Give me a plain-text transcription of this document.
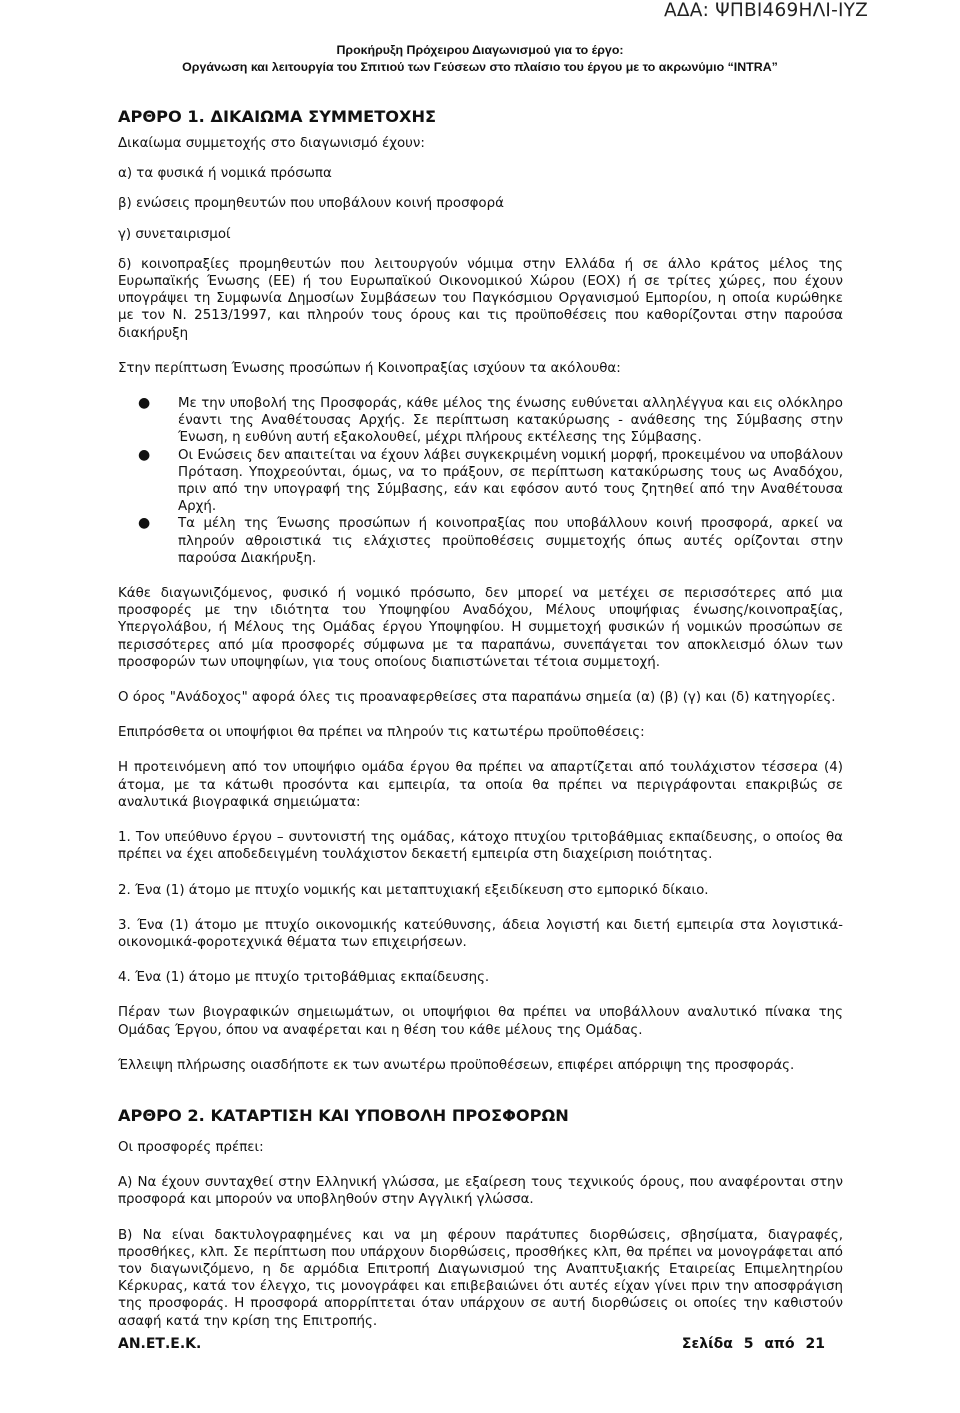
ΑΔΑ: ΨΠΒΙ469ΗΛΙ-ΙΥΖ
Προκήρυξη Πρόχειρου Διαγωνισμού για το έργο:
Οργάνωση και λειτουργία του Σπιτιού των Γεύσεων στο πλαίσιο του έργου με το ακρωνύμιο “INTRA”

ΑΡΘΡΟ 1. ΔΙΚΑΙΩΜΑ ΣΥΜΜΕΤΟΧΗΣ

Δικαίωμα συμμετοχής στο διαγωνισμό έχουν:

α) τα φυσικά ή νομικά πρόσωπα

β) ενώσεις προμηθευτών που υποβάλουν κοινή προσφορά

γ) συνεταιρισμοί

δ) κοινοπραξίες προμηθευτών που λειτουργούν νόμιμα στην Ελλάδα ή σε άλλο κράτος μέλος της Ευρωπαϊκής Ένωσης (ΕΕ) ή του Ευρωπαϊκού Οικονομικού Χώρου (ΕΟΧ) ή σε τρίτες χώρες, που έχουν υπογράψει τη Συμφωνία Δημοσίων Συμβάσεων του Παγκόσμιου Οργανισμού Εμπορίου, η οποία κυρώθηκε με τον Ν. 2513/1997, και πληρούν τους όρους και τις προϋποθέσεις που καθορίζονται στην παρούσα διακήρυξη

Στην περίπτωση Ένωσης προσώπων ή Κοινοπραξίας ισχύουν τα ακόλουθα:

● Με την υποβολή της Προσφοράς, κάθε μέλος της ένωσης ευθύνεται αλληλέγγυα και εις ολόκληρο έναντι της Αναθέτουσας Αρχής. Σε περίπτωση κατακύρωσης - ανάθεσης της Σύμβασης στην Ένωση, η ευθύνη αυτή εξακολουθεί, μέχρι πλήρους εκτέλεσης της Σύμβασης.
● Οι Ενώσεις δεν απαιτείται να έχουν λάβει συγκεκριμένη νομική μορφή, προκειμένου να υποβάλουν Πρόταση. Υποχρεούνται, όμως, να το πράξουν, σε περίπτωση κατακύρωσης τους ως Αναδόχου, πριν από την υπογραφή της Σύμβασης, εάν και εφόσον αυτό τους ζητηθεί από την Αναθέτουσα Αρχή.
● Τα μέλη της Ένωσης προσώπων ή κοινοπραξίας που υποβάλλουν κοινή προσφορά, αρκεί να πληρούν αθροιστικά τις ελάχιστες προϋποθέσεις συμμετοχής όπως αυτές ορίζονται στην παρούσα Διακήρυξη.

Κάθε διαγωνιζόμενος, φυσικό ή νομικό πρόσωπο, δεν μπορεί να μετέχει σε περισσότερες από μια προσφορές με την ιδιότητα του Υποψηφίου Αναδόχου, Μέλους υποψήφιας ένωσης/κοινοπραξίας, Υπεργολάβου, ή Μέλους της Ομάδας έργου Υποψηφίου. Η συμμετοχή φυσικών ή νομικών προσώπων σε περισσότερες από μία προσφορές σύμφωνα με τα παραπάνω, συνεπάγεται τον αποκλεισμό όλων των προσφορών των υποψηφίων, για τους οποίους διαπιστώνεται τέτοια συμμετοχή.

Ο όρος "Ανάδοχος" αφορά όλες τις προαναφερθείσες στα παραπάνω σημεία (α) (β) (γ) και (δ) κατηγορίες.

Επιπρόσθετα οι υποψήφιοι θα πρέπει να πληρούν τις κατωτέρω προϋποθέσεις:

Η προτεινόμενη από τον υποψήφιο ομάδα έργου θα πρέπει να απαρτίζεται από τουλάχιστον τέσσερα (4) άτομα, με τα κάτωθι προσόντα και εμπειρία, τα οποία θα πρέπει να περιγράφονται επακριβώς σε αναλυτικά βιογραφικά σημειώματα:

1. Τον υπεύθυνο έργου – συντονιστή της ομάδας, κάτοχο πτυχίου τριτοβάθμιας εκπαίδευσης, ο οποίος θα πρέπει να έχει αποδεδειγμένη τουλάχιστον δεκαετή εμπειρία στη διαχείριση ποιότητας.

2. Ένα (1) άτομο με πτυχίο νομικής και μεταπτυχιακή εξειδίκευση στο εμπορικό δίκαιο.

3. Ένα (1) άτομο με πτυχίο οικονομικής κατεύθυνσης, άδεια λογιστή και διετή εμπειρία στα λογιστικά-οικονομικά-φοροτεχνικά θέματα των επιχειρήσεων.

4. Ένα (1) άτομο με πτυχίο τριτοβάθμιας εκπαίδευσης.

Πέραν των βιογραφικών σημειωμάτων, οι υποψήφιοι θα πρέπει να υποβάλλουν αναλυτικό πίνακα της Ομάδας Έργου, όπου να αναφέρεται και η θέση του κάθε μέλους της Ομάδας.

Έλλειψη πλήρωσης οιασδήποτε εκ των ανωτέρω προϋποθέσεων, επιφέρει απόρριψη της προσφοράς.

ΑΡΘΡΟ 2. ΚΑΤΑΡΤΙΣΗ ΚΑΙ ΥΠΟΒΟΛΗ ΠΡΟΣΦΟΡΩΝ

Οι προσφορές πρέπει:

Α) Να έχουν συνταχθεί στην Ελληνική γλώσσα, με εξαίρεση τους τεχνικούς όρους, που αναφέρονται στην προσφορά και μπορούν να υποβληθούν στην Αγγλική γλώσσα.

Β) Να είναι δακτυλογραφημένες και να μη φέρουν παράτυπες διορθώσεις, σβησίματα, διαγραφές, προσθήκες, κλπ. Σε περίπτωση που υπάρχουν διορθώσεις, προσθήκες κλπ, θα πρέπει να μονογράφεται από τον διαγωνιζόμενο, η δε αρμόδια Επιτροπή Διαγωνισμού της Αναπτυξιακής Εταιρείας Επιμελητηρίου Κέρκυρας, κατά τον έλεγχο, τις μονογράφει και επιβεβαιώνει ότι αυτές είχαν γίνει πριν την αποσφράγιση της προσφοράς. Η προσφορά απορρίπτεται όταν υπάρχουν σε αυτή διορθώσεις οι οποίες την καθιστούν ασαφή κατά την κρίση της Επιτροπής.

ΑΝ.ΕΤ.Ε.Κ.	Σελίδα 5 από 21
